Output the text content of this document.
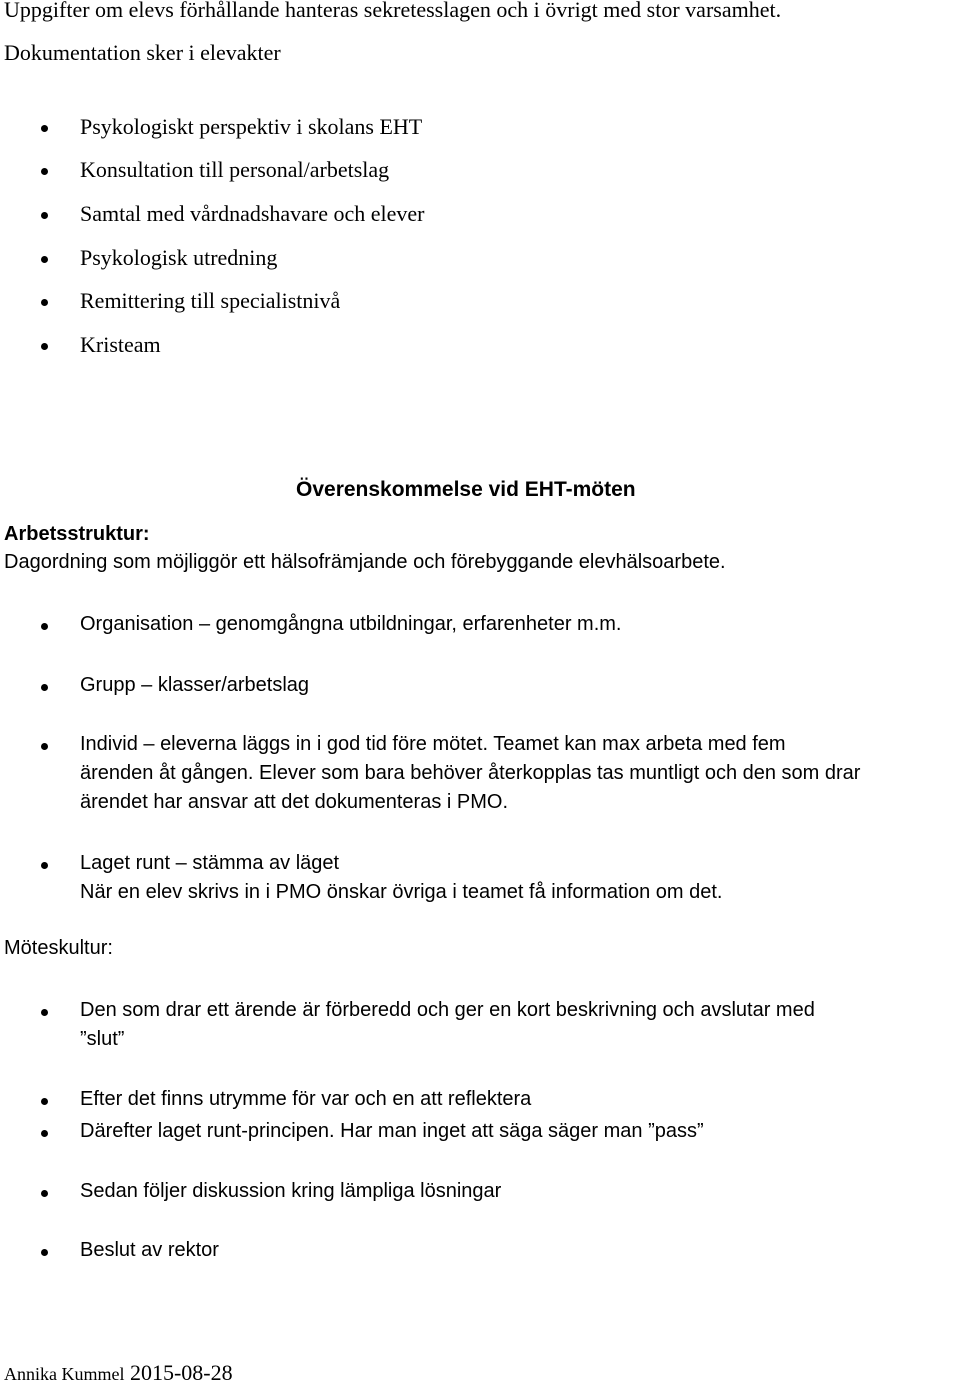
Uppgifter om elevs förhållande hanteras sekretesslagen och i övrigt med stor varsamhet.
Dokumentation sker i elevakter
Psykologiskt perspektiv i skolans EHT
Konsultation till personal/arbetslag
Samtal med vårdnadshavare och elever
Psykologisk utredning
Remittering till specialistnivå
Kristeam
Överenskommelse vid EHT-möten
Arbetsstruktur:
Dagordning som möjliggör ett hälsofrämjande och förebyggande elevhälsoarbete.
Organisation – genomgångna utbildningar, erfarenheter m.m.
Grupp – klasser/arbetslag
Individ – eleverna läggs in i god tid före mötet. Teamet kan max arbeta med fem
ärenden åt gången. Elever som bara behöver återkopplas tas muntligt och den som drar
ärendet har ansvar att det dokumenteras i PMO.
Laget runt – stämma av läget
När en elev skrivs in i PMO önskar övriga i teamet få information om det.
Möteskultur:
Den som drar ett ärende är förberedd och ger en kort beskrivning och avslutar med
”slut”
Efter det finns utrymme för var och en att reflektera
Därefter laget runt-principen. Har man inget att säga säger man ”pass”
Sedan följer diskussion kring lämpliga lösningar
Beslut av rektor
Annika Kummel 2015-08-28
